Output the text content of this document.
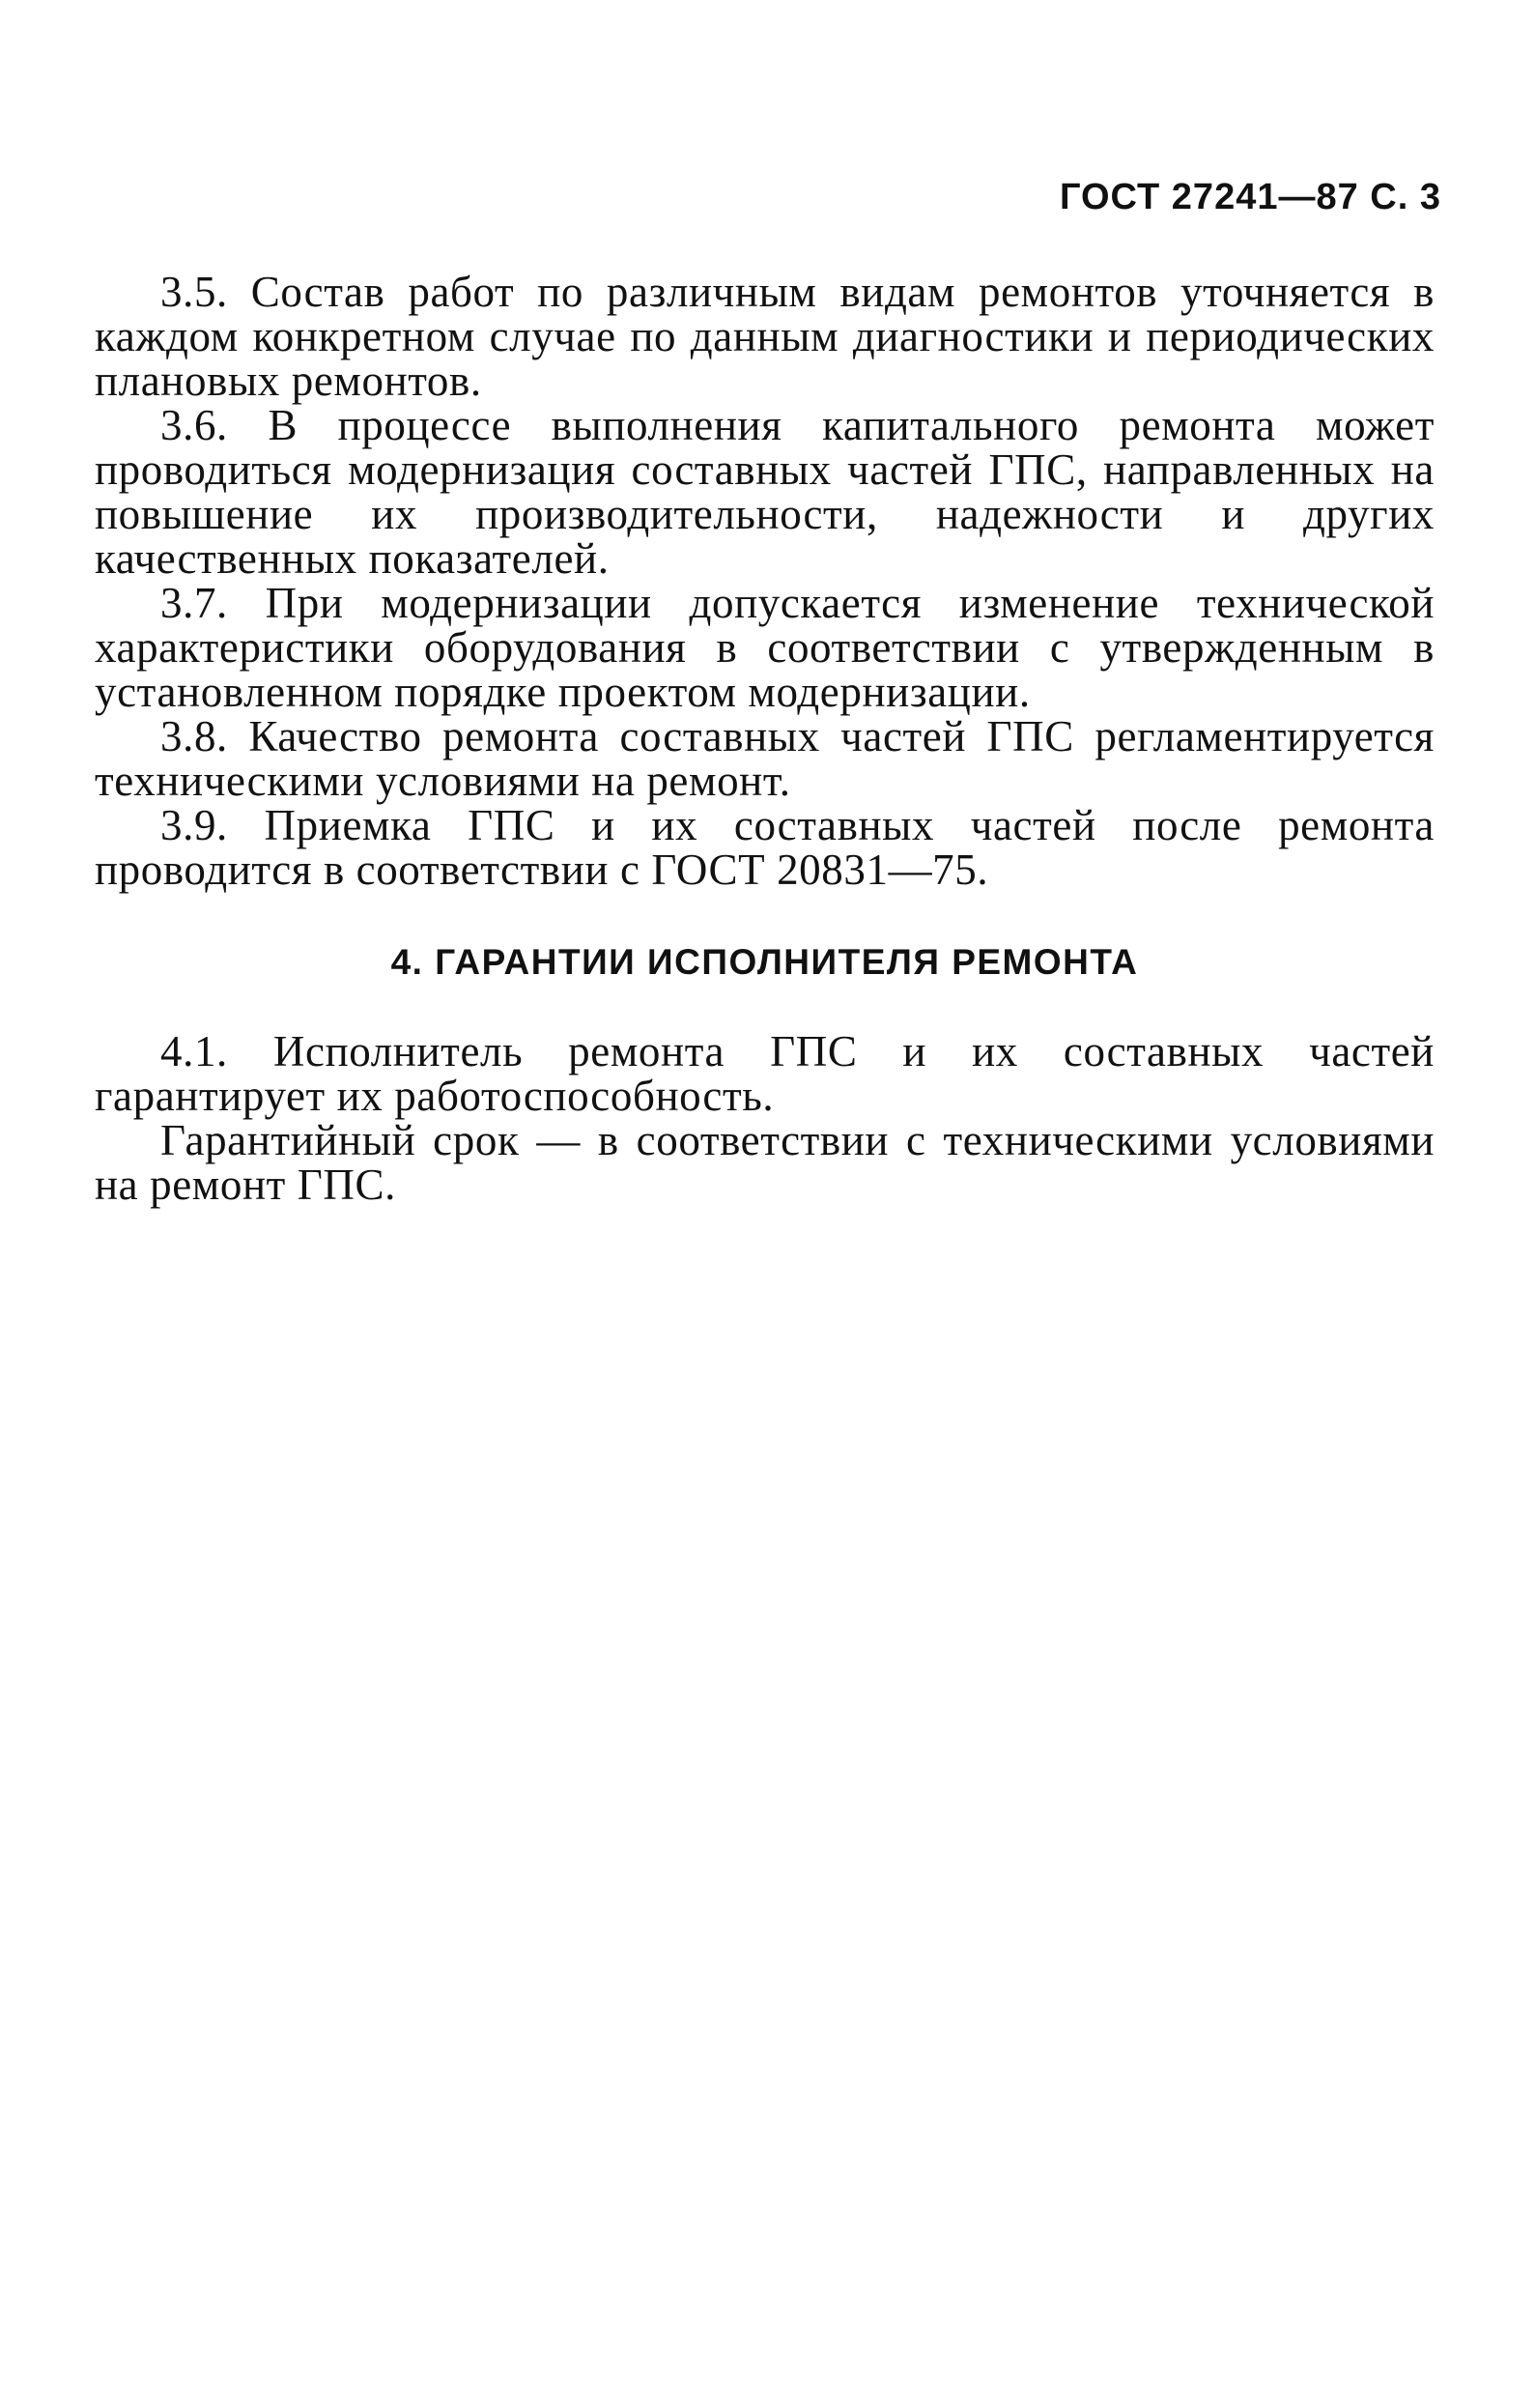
ГОСТ 27241—87 С. 3

3.5. Состав работ по различным видам ремонтов уточняется в каждом конкретном случае по данным диагностики и периодических плановых ремонтов.

3.6. В процессе выполнения капитального ремонта может проводиться модернизация составных частей ГПС, направленных на повышение их производительности, надежности и других качественных показателей.

3.7. При модернизации допускается изменение технической характеристики оборудования в соответствии с утвержденным в установленном порядке проектом модернизации.

3.8. Качество ремонта составных частей ГПС регламентируется техническими условиями на ремонт.

3.9. Приемка ГПС и их составных частей после ремонта проводится в соответствии с ГОСТ 20831—75.

4. ГАРАНТИИ ИСПОЛНИТЕЛЯ РЕМОНТА

4.1. Исполнитель ремонта ГПС и их составных частей гарантирует их работоспособность.

Гарантийный срок — в соответствии с техническими условиями на ремонт ГПС.
